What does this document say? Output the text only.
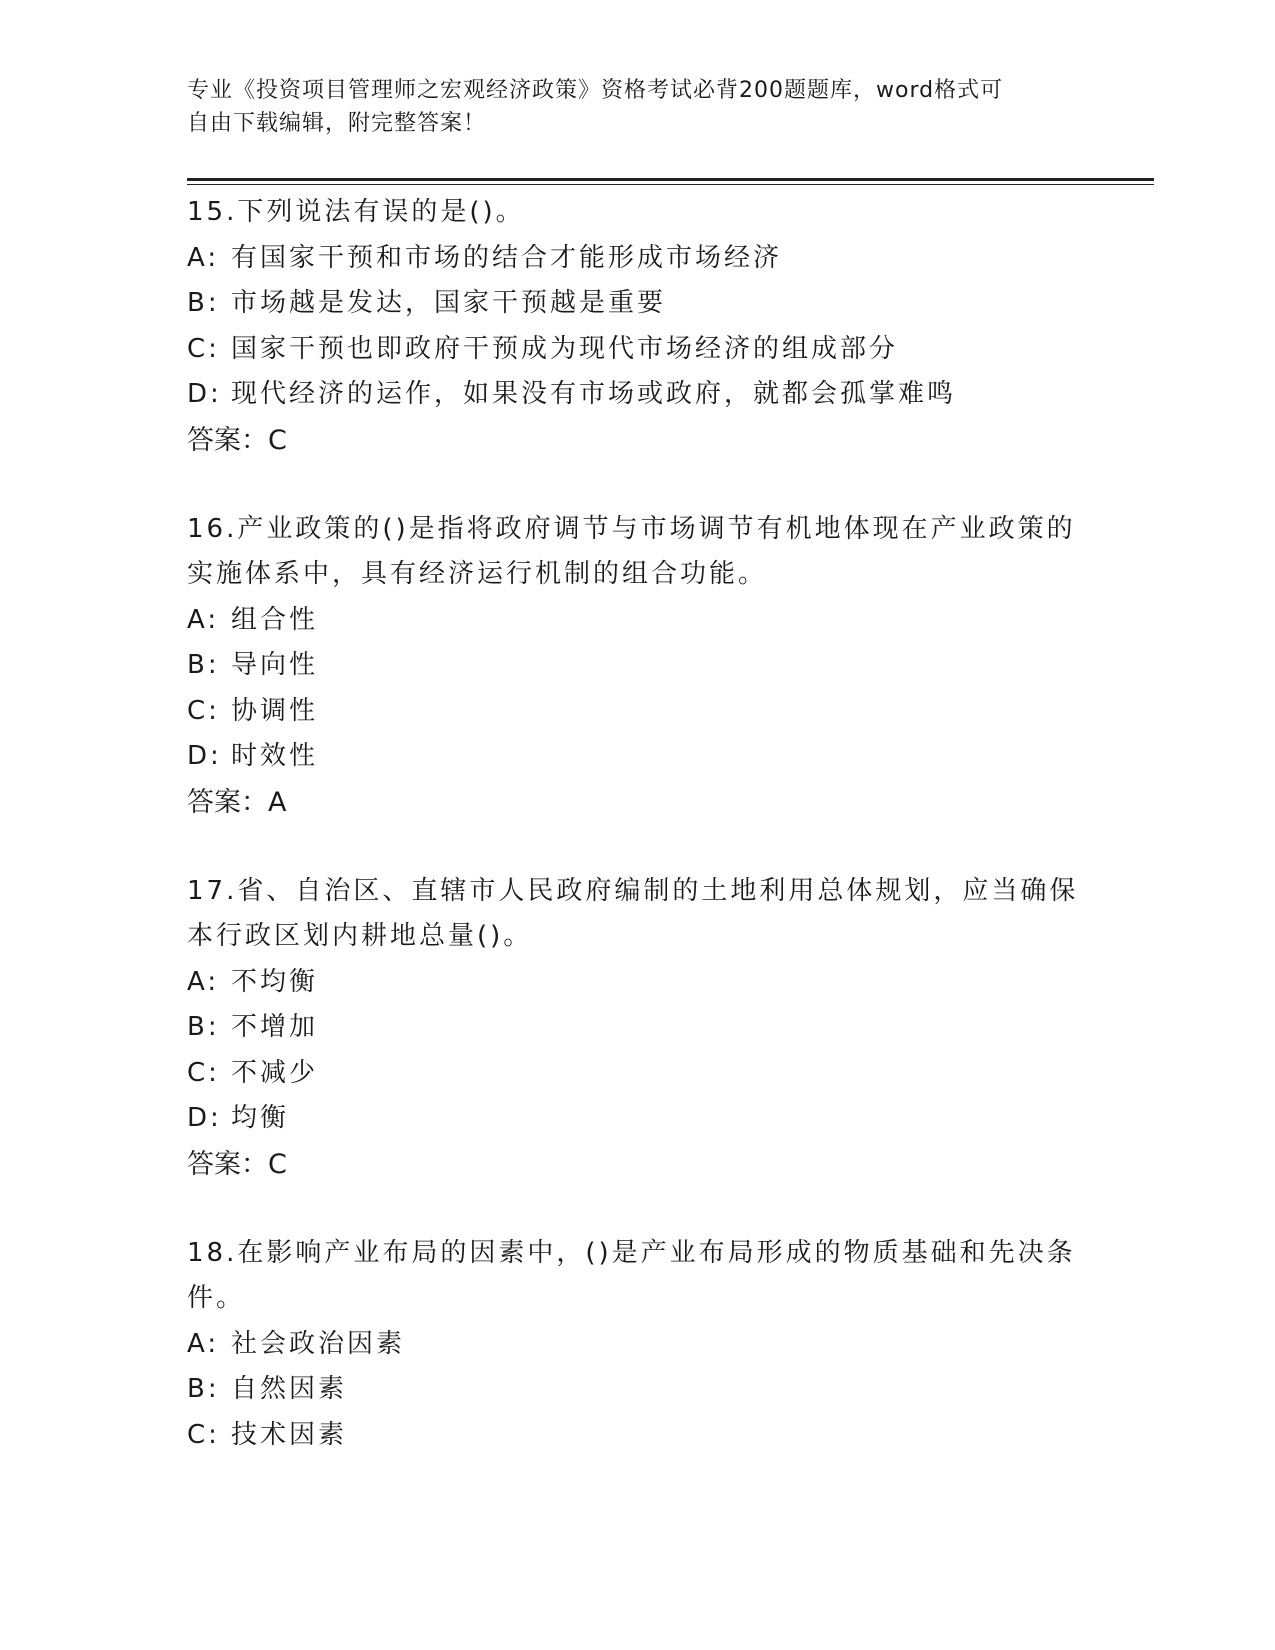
专业《投资项目管理师之宏观经济政策》资格考试必背200题题库，word格式可
自由下载编辑，附完整答案！
15.下列说法有误的是()。
A: 有国家干预和市场的结合才能形成市场经济
B: 市场越是发达，国家干预越是重要
C: 国家干预也即政府干预成为现代市场经济的组成部分
D: 现代经济的运作，如果没有市场或政府，就都会孤掌难鸣
答案：C
16.产业政策的()是指将政府调节与市场调节有机地体现在产业政策的实施体系中，具有经济运行机制的组合功能。
A: 组合性
B: 导向性
C: 协调性
D: 时效性
答案：A
17.省、自治区、直辖市人民政府编制的土地利用总体规划，应当确保本行政区划内耕地总量()。
A: 不均衡
B: 不增加
C: 不减少
D: 均衡
答案：C
18.在影响产业布局的因素中，()是产业布局形成的物质基础和先决条件。
A: 社会政治因素
B: 自然因素
C: 技术因素
